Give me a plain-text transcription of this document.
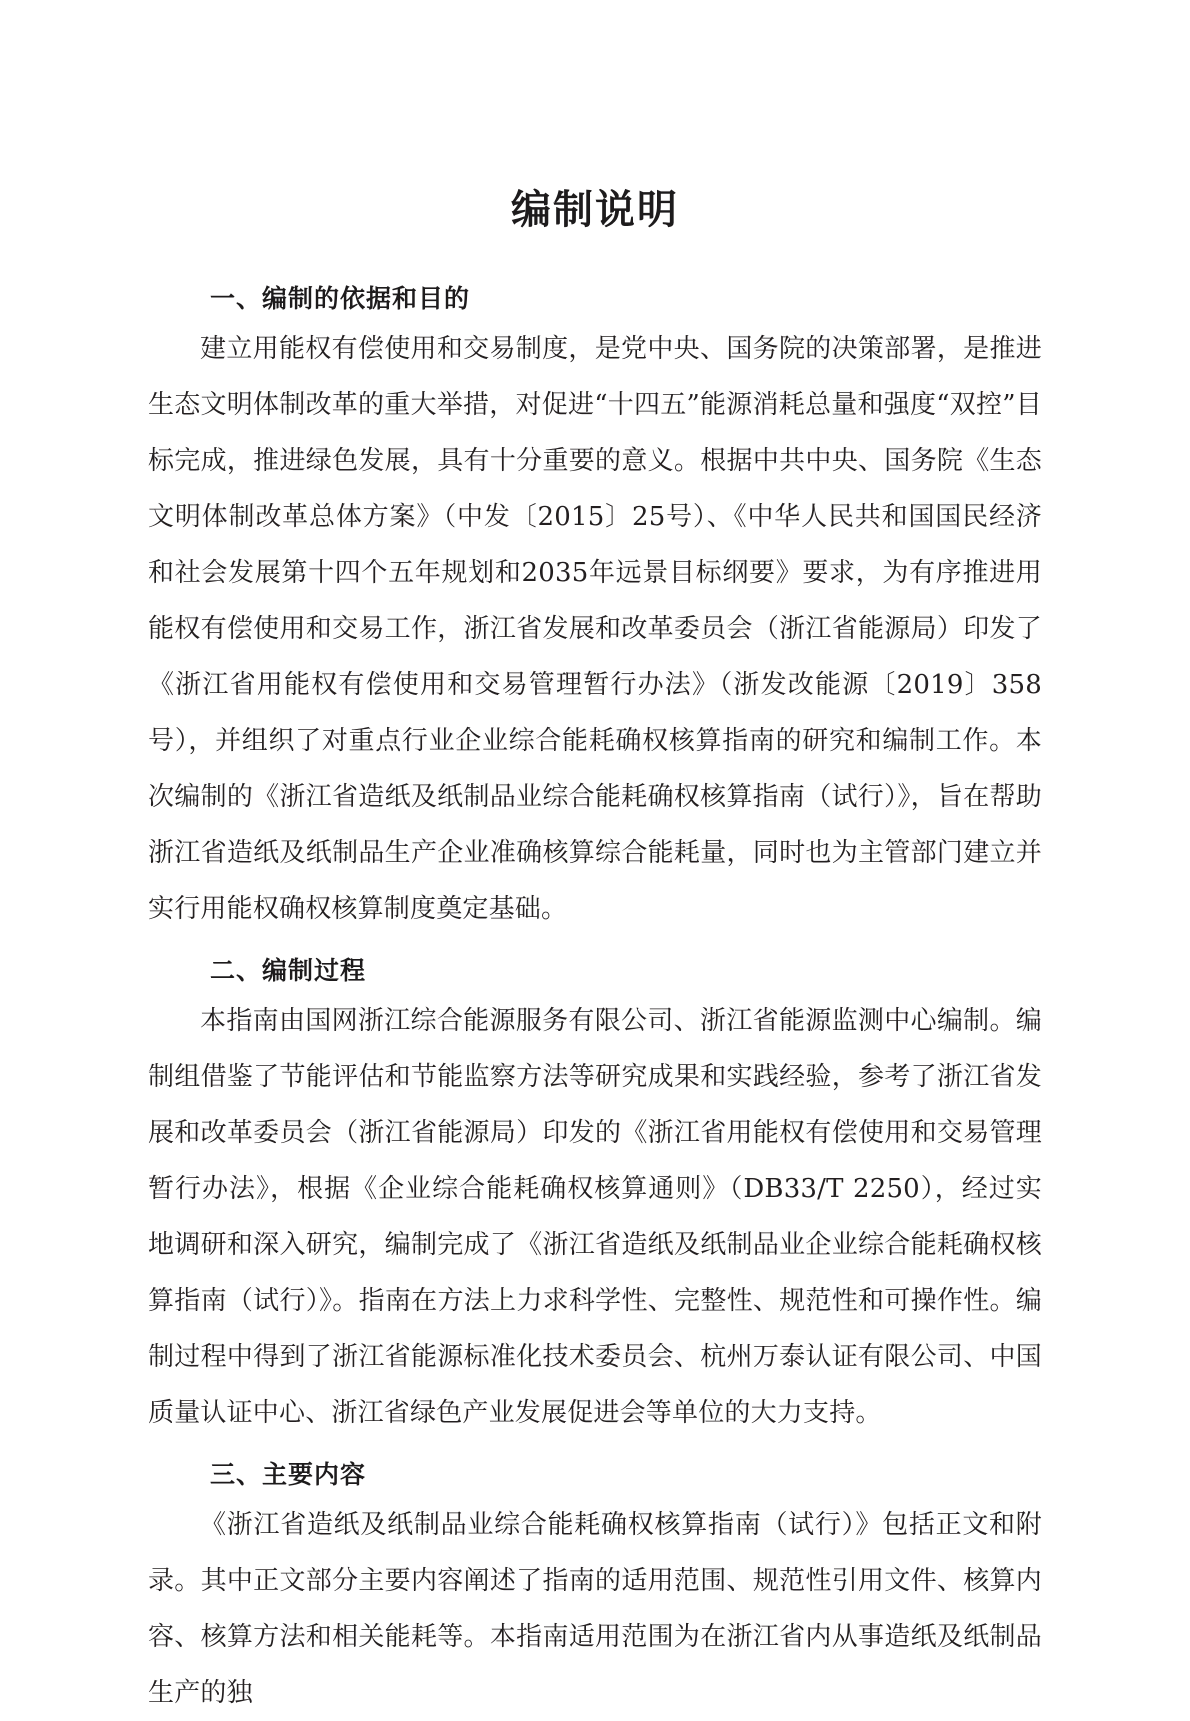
编制说明
一、编制的依据和目的

建立用能权有偿使用和交易制度，是党中央、国务院的决策部署，是推进生态文明体制改革的重大举措，对促进“十四五”能源消耗总量和强度“双控”目标完成，推进绿色发展，具有十分重要的意义。根据中共中央、国务院《生态文明体制改革总体方案》（中发〔2015〕25号）、《中华人民共和国国民经济和社会发展第十四个五年规划和2035年远景目标纲要》要求，为有序推进用能权有偿使用和交易工作，浙江省发展和改革委员会（浙江省能源局）印发了《浙江省用能权有偿使用和交易管理暂行办法》（浙发改能源〔2019〕358号），并组织了对重点行业企业综合能耗确权核算指南的研究和编制工作。本次编制的《浙江省造纸及纸制品业综合能耗确权核算指南（试行）》，旨在帮助浙江省造纸及纸制品生产企业准确核算综合能耗量，同时也为主管部门建立并实行用能权确权核算制度奠定基础。

二、编制过程

本指南由国网浙江综合能源服务有限公司、浙江省能源监测中心编制。编制组借鉴了节能评估和节能监察方法等研究成果和实践经验，参考了浙江省发展和改革委员会（浙江省能源局）印发的《浙江省用能权有偿使用和交易管理暂行办法》，根据《企业综合能耗确权核算通则》（DB33/T 2250），经过实地调研和深入研究，编制完成了《浙江省造纸及纸制品业企业综合能耗确权核算指南（试行）》。指南在方法上力求科学性、完整性、规范性和可操作性。编制过程中得到了浙江省能源标准化技术委员会、杭州万泰认证有限公司、中国质量认证中心、浙江省绿色产业发展促进会等单位的大力支持。

三、主要内容

《浙江省造纸及纸制品业综合能耗确权核算指南（试行）》包括正文和附录。其中正文部分主要内容阐述了指南的适用范围、规范性引用文件、核算内容、核算方法和相关能耗等。本指南适用范围为在浙江省内从事造纸及纸制品生产的独
